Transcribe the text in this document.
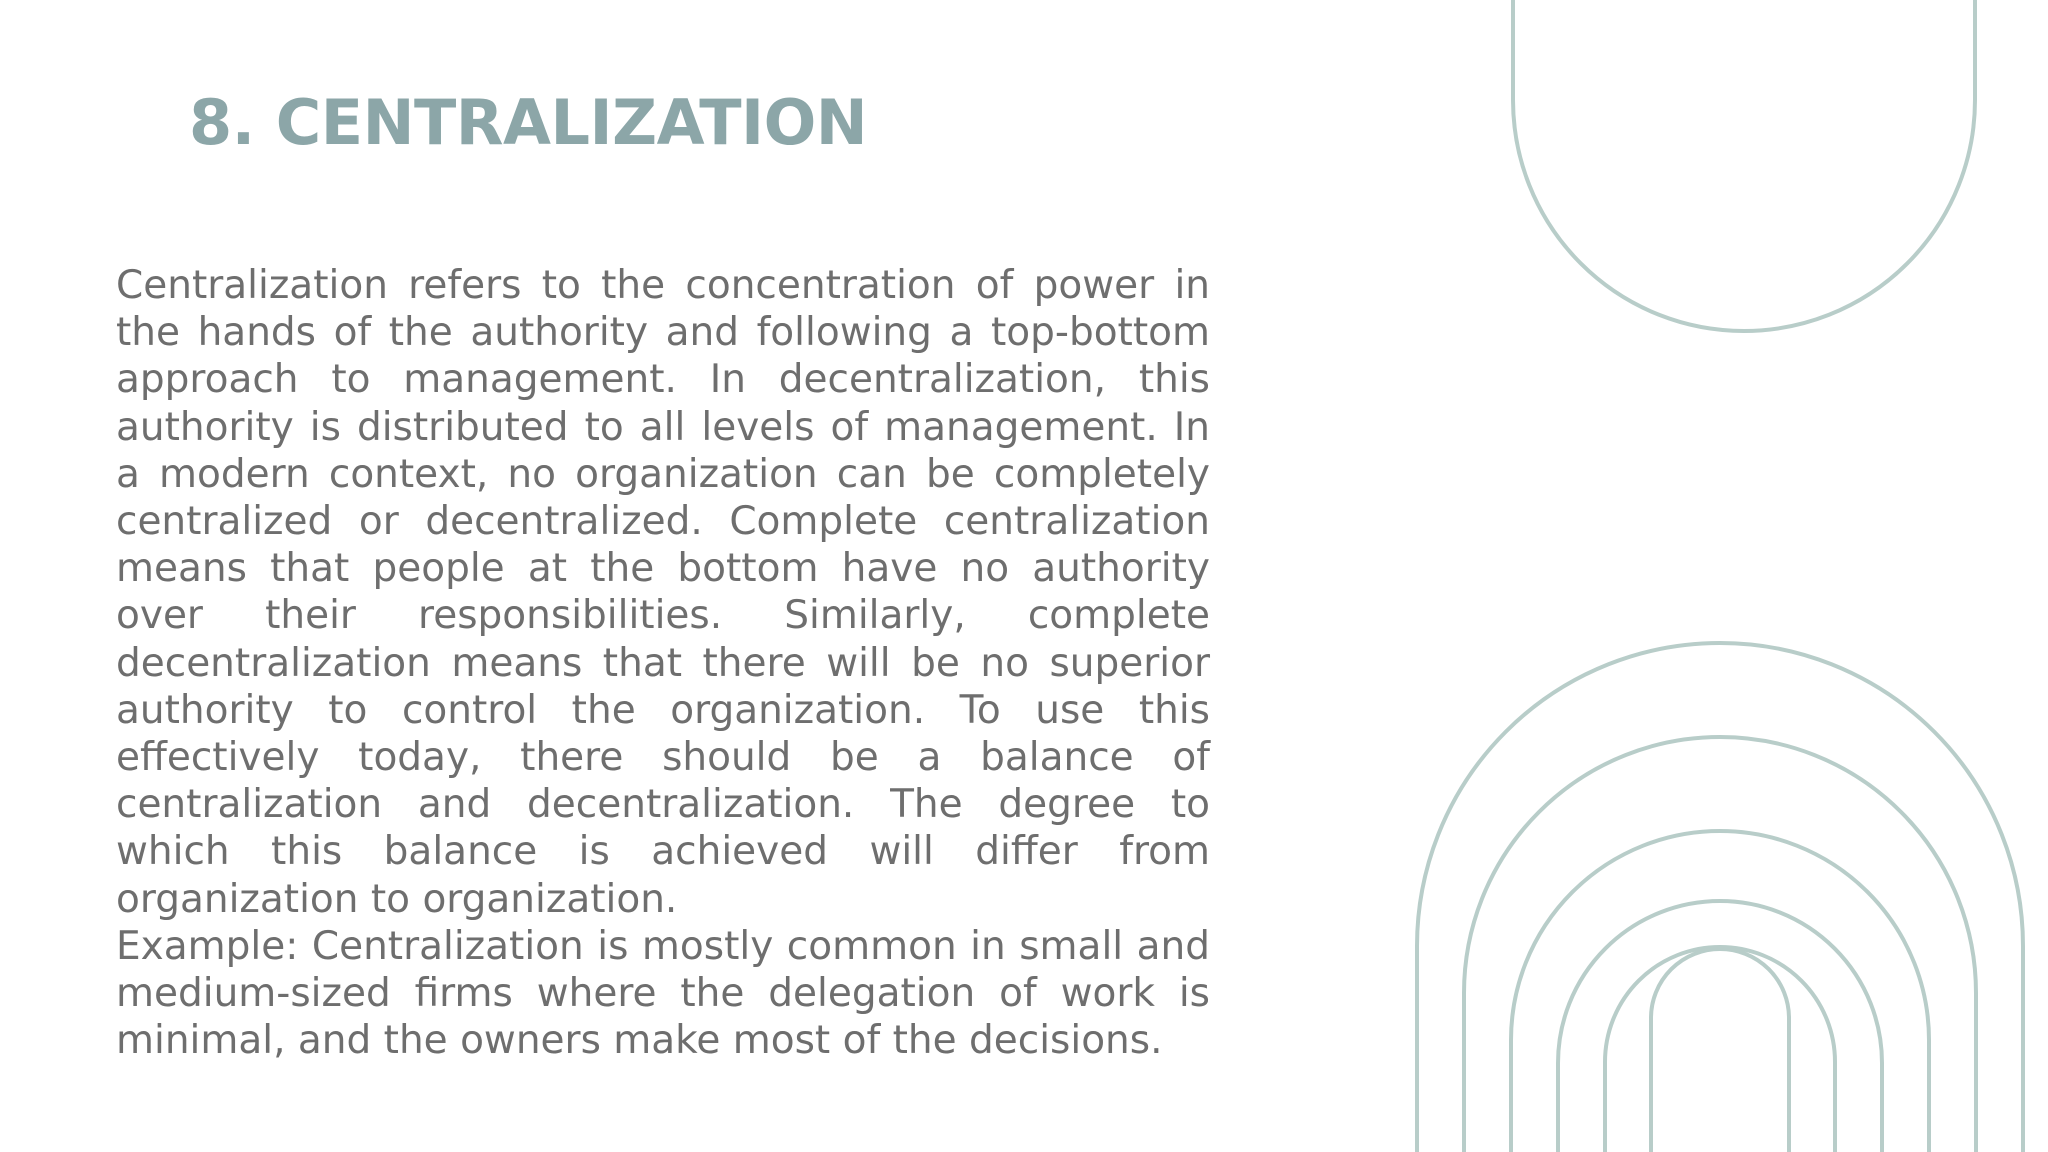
8. CENTRALIZATION

Centralization refers to the concentration of power in the hands of the authority and following a top-bottom approach to management. In decentralization, this authority is distributed to all levels of management. In a modern context, no organization can be completely centralized or decentralized. Complete centralization means that people at the bottom have no authority over their responsibilities. Similarly, complete decentralization means that there will be no superior authority to control the organization. To use this effectively today, there should be a balance of centralization and decentralization. The degree to which this balance is achieved will differ from organization to organization.

Example: Centralization is mostly common in small and medium-sized firms where the delegation of work is minimal, and the owners make most of the decisions.
